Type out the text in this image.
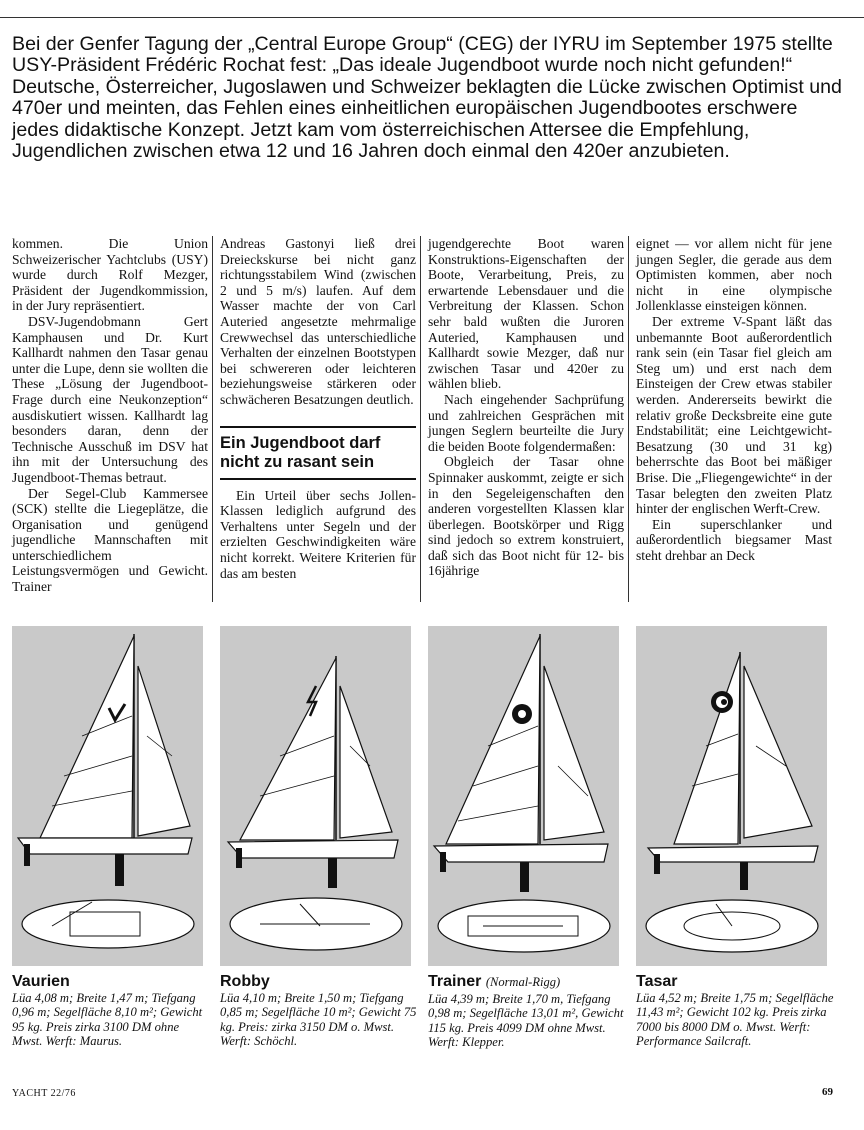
Bei der Genfer Tagung der „Central Europe Group“ (CEG) der IYRU im September 1975 stellte USY-Präsident Frédéric Rochat fest: „Das ideale Jugendboot wurde noch nicht gefunden!“ Deutsche, Österreicher, Jugoslawen und Schweizer beklagten die Lücke zwischen Optimist und 470er und meinten, das Fehlen eines einheitlichen europäischen Jugendbootes erschwere jedes didaktische Konzept. Jetzt kam vom österreichischen Attersee die Empfehlung, Jugendlichen zwischen etwa 12 und 16 Jahren doch einmal den 420er anzubieten.

kommen. Die Union Schweizerischer Yachtclubs (USY) wurde durch Rolf Mezger, Präsident der Jugendkommission, in der Jury repräsentiert.

DSV-Jugendobmann Gert Kamphausen und Dr. Kurt Kallhardt nahmen den Tasar genau unter die Lupe, denn sie wollten die These „Lösung der Jugendboot-Frage durch eine Neukonzeption“ ausdiskutiert wissen. Kallhardt lag besonders daran, denn der Technische Ausschuß im DSV hat ihn mit der Untersuchung des Jugendboot-Themas betraut.

Der Segel-Club Kammersee (SCK) stellte die Liegeplätze, die Organisation und genügend jugendliche Mannschaften mit unterschiedlichem Leistungsvermögen und Gewicht. Trainer

Andreas Gastonyi ließ drei Dreieckskurse bei nicht ganz richtungsstabilem Wind (zwischen 2 und 5 m/s) laufen. Auf dem Wasser machte der von Carl Auteried angesetzte mehrmalige Crewwechsel das unterschiedliche Verhalten der einzelnen Bootstypen bei schwereren oder leichteren beziehungsweise stärkeren oder schwächeren Besatzungen deutlich.

Ein Jugendboot darf nicht zu rasant sein

Ein Urteil über sechs Jollen-Klassen lediglich aufgrund des Verhaltens unter Segeln und der erzielten Geschwindigkeiten wäre nicht korrekt. Weitere Kriterien für das am besten

jugendgerechte Boot waren Konstruktions-Eigenschaften der Boote, Verarbeitung, Preis, zu erwartende Lebensdauer und die Verbreitung der Klassen. Schon sehr bald wußten die Juroren Auteried, Kamphausen und Kallhardt sowie Mezger, daß nur zwischen Tasar und 420er zu wählen blieb.

Nach eingehender Sachprüfung und zahlreichen Gesprächen mit jungen Seglern beurteilte die Jury die beiden Boote folgendermaßen:

Obgleich der Tasar ohne Spinnaker auskommt, zeigte er sich in den Segeleigenschaften den anderen vorgestellten Klassen klar überlegen. Bootskörper und Rigg sind jedoch so extrem konstruiert, daß sich das Boot nicht für 12- bis 16jährige

eignet — vor allem nicht für jene jungen Segler, die gerade aus dem Optimisten kommen, aber noch nicht in eine olympische Jollenklasse einsteigen können.

Der extreme V-Spant läßt das unbemannte Boot außerordentlich rank sein (ein Tasar fiel gleich am Steg um) und erst nach dem Einsteigen der Crew etwas stabiler werden. Andererseits bewirkt die relativ große Decksbreite eine gute Endstabilität; eine Leichtgewicht-Besatzung (30 und 31 kg) beherrschte das Boot bei mäßiger Brise. Die „Fliegengewichte“ in der Tasar belegten den zweiten Platz hinter der englischen Werft-Crew.

Ein superschlanker und außerordentlich biegsamer Mast steht drehbar an Deck

Vaurien
Lüa 4,08 m; Breite 1,47 m; Tiefgang 0,96 m; Segelfläche 8,10 m²; Gewicht 95 kg. Preis zirka 3100 DM ohne Mwst. Werft: Maurus.
Robby
Lüa 4,10 m; Breite 1,50 m; Tiefgang 0,85 m; Segelfläche 10 m²; Gewicht 75 kg. Preis: zirka 3150 DM o. Mwst. Werft: Schöchl.
Trainer (Normal-Rigg)
Lüa 4,39 m; Breite 1,70 m, Tiefgang 0,98 m; Segelfläche 13,01 m², Gewicht 115 kg. Preis 4099 DM ohne Mwst. Werft: Klepper.
Tasar
Lüa 4,52 m; Breite 1,75 m; Segelfläche 11,43 m²; Gewicht 102 kg. Preis zirka 7000 bis 8000 DM o. Mwst. Werft: Performance Sailcraft.
YACHT 22/76	69
